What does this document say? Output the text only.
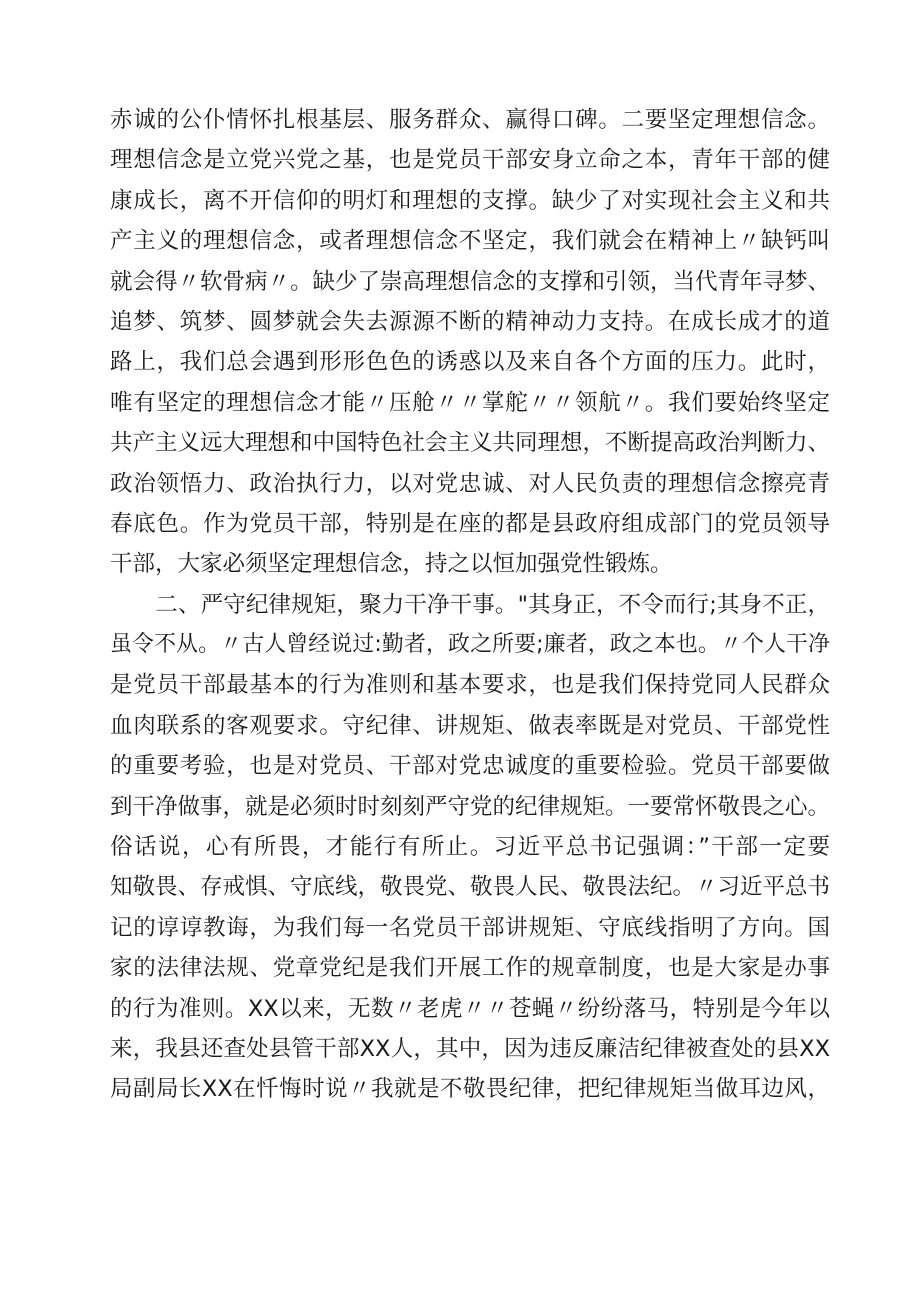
赤诚的公仆情怀扎根基层、服务群众、赢得口碑。二要坚定理想信念。
理想信念是立党兴党之基，也是党员干部安身立命之本，青年干部的健
康成长，离不开信仰的明灯和理想的支撑。缺少了对实现社会主义和共
产主义的理想信念，或者理想信念不坚定，我们就会在精神上〃缺钙叫
就会得〃软骨病〃。缺少了崇高理想信念的支撑和引领，当代青年寻梦、
追梦、筑梦、圆梦就会失去源源不断的精神动力支持。在成长成才的道
路上，我们总会遇到形形色色的诱惑以及来自各个方面的压力。此时，
唯有坚定的理想信念才能〃压舱〃〃掌舵〃〃领航〃。我们要始终坚定
共产主义远大理想和中国特色社会主义共同理想，不断提高政治判断力、
政治领悟力、政治执行力，以对党忠诚、对人民负责的理想信念擦亮青
春底色。作为党员干部，特别是在座的都是县政府组成部门的党员领导
干部，大家必须坚定理想信念，持之以恒加强党性锻炼。
　　二、严守纪律规矩，聚力干净干事。"其身正，不令而行;其身不正，
虽令不从。〃古人曾经说过:勤者，政之所要;廉者，政之本也。〃个人干净
是党员干部最基本的行为准则和基本要求，也是我们保持党同人民群众
血肉联系的客观要求。守纪律、讲规矩、做表率既是对党员、干部党性
的重要考验，也是对党员、干部对党忠诚度的重要检验。党员干部要做
到干净做事，就是必须时时刻刻严守党的纪律规矩。一要常怀敬畏之心。
俗话说，心有所畏，才能行有所止。习近平总书记强调：”干部一定要
知敬畏、存戒惧、守底线，敬畏党、敬畏人民、敬畏法纪。〃习近平总书
记的谆谆教诲，为我们每一名党员干部讲规矩、守底线指明了方向。国
家的法律法规、党章党纪是我们开展工作的规章制度，也是大家是办事
的行为准则。XX以来，无数〃老虎〃〃苍蝇〃纷纷落马，特别是今年以
来，我县还查处县管干部XX人，其中，因为违反廉洁纪律被查处的县XX
局副局长XX在忏悔时说〃我就是不敬畏纪律，把纪律规矩当做耳边风，
